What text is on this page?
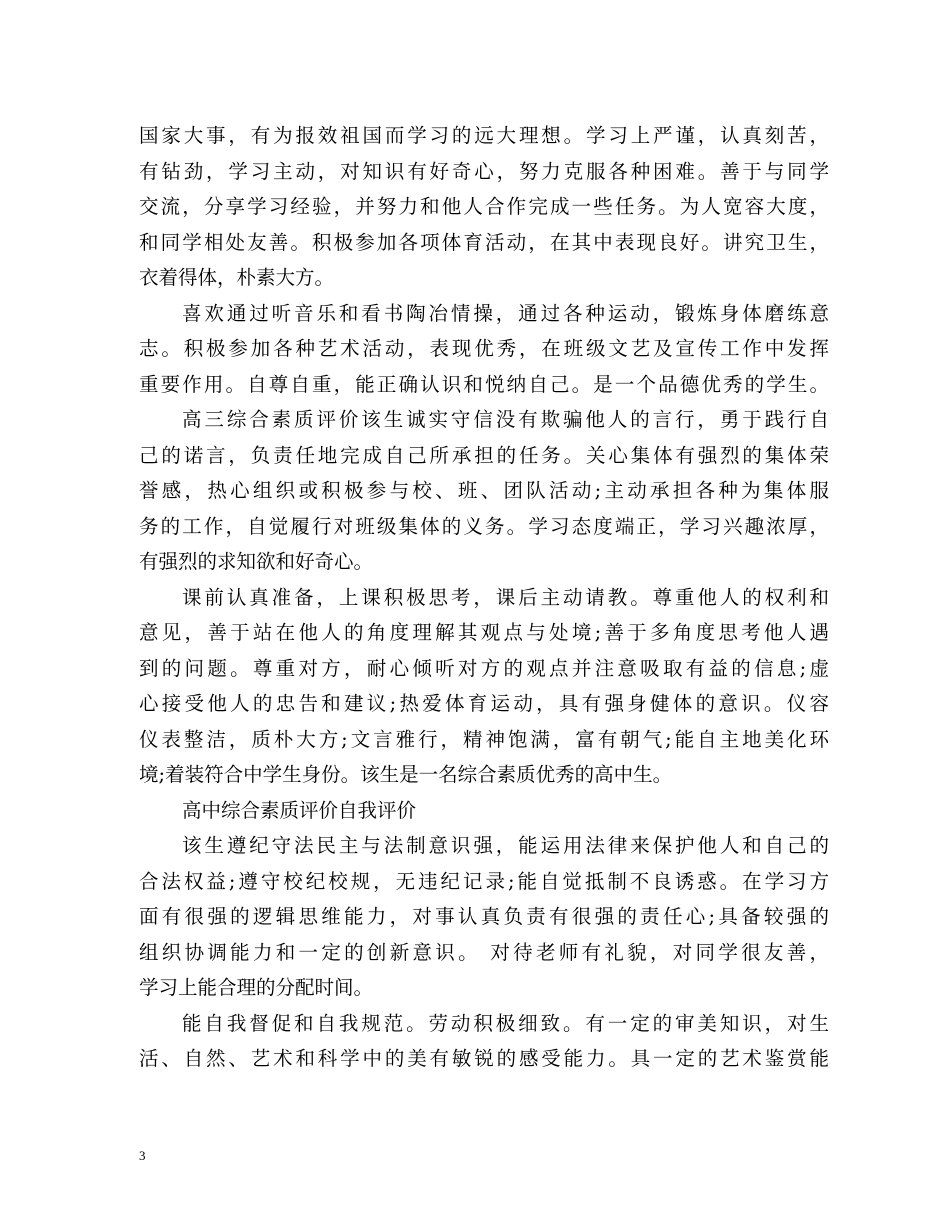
国家大事，有为报效祖国而学习的远大理想。学习上严谨，认真刻苦，
有钻劲，学习主动，对知识有好奇心，努力克服各种困难。善于与同学
交流，分享学习经验，并努力和他人合作完成一些任务。为人宽容大度，
和同学相处友善。积极参加各项体育活动，在其中表现良好。讲究卫生，
衣着得体，朴素大方。
喜欢通过听音乐和看书陶冶情操，通过各种运动，锻炼身体磨练意
志。积极参加各种艺术活动，表现优秀，在班级文艺及宣传工作中发挥
重要作用。自尊自重，能正确认识和悦纳自己。是一个品德优秀的学生。
高三综合素质评价该生诚实守信没有欺骗他人的言行，勇于践行自
己的诺言，负责任地完成自己所承担的任务。关心集体有强烈的集体荣
誉感，热心组织或积极参与校、班、团队活动;主动承担各种为集体服
务的工作，自觉履行对班级集体的义务。学习态度端正，学习兴趣浓厚，
有强烈的求知欲和好奇心。
课前认真准备，上课积极思考，课后主动请教。尊重他人的权利和
意见，善于站在他人的角度理解其观点与处境;善于多角度思考他人遇
到的问题。尊重对方，耐心倾听对方的观点并注意吸取有益的信息;虚
心接受他人的忠告和建议;热爱体育运动，具有强身健体的意识。仪容
仪表整洁，质朴大方;文言雅行，精神饱满，富有朝气;能自主地美化环
境;着装符合中学生身份。该生是一名综合素质优秀的高中生。
高中综合素质评价自我评价
该生遵纪守法民主与法制意识强，能运用法律来保护他人和自己的
合法权益;遵守校纪校规，无违纪记录;能自觉抵制不良诱惑。在学习方
面有很强的逻辑思维能力，对事认真负责有很强的责任心;具备较强的
组织协调能力和一定的创新意识。 对待老师有礼貌，对同学很友善，
学习上能合理的分配时间。
能自我督促和自我规范。劳动积极细致。有一定的审美知识，对生
活、自然、艺术和科学中的美有敏锐的感受能力。具一定的艺术鉴赏能
3
